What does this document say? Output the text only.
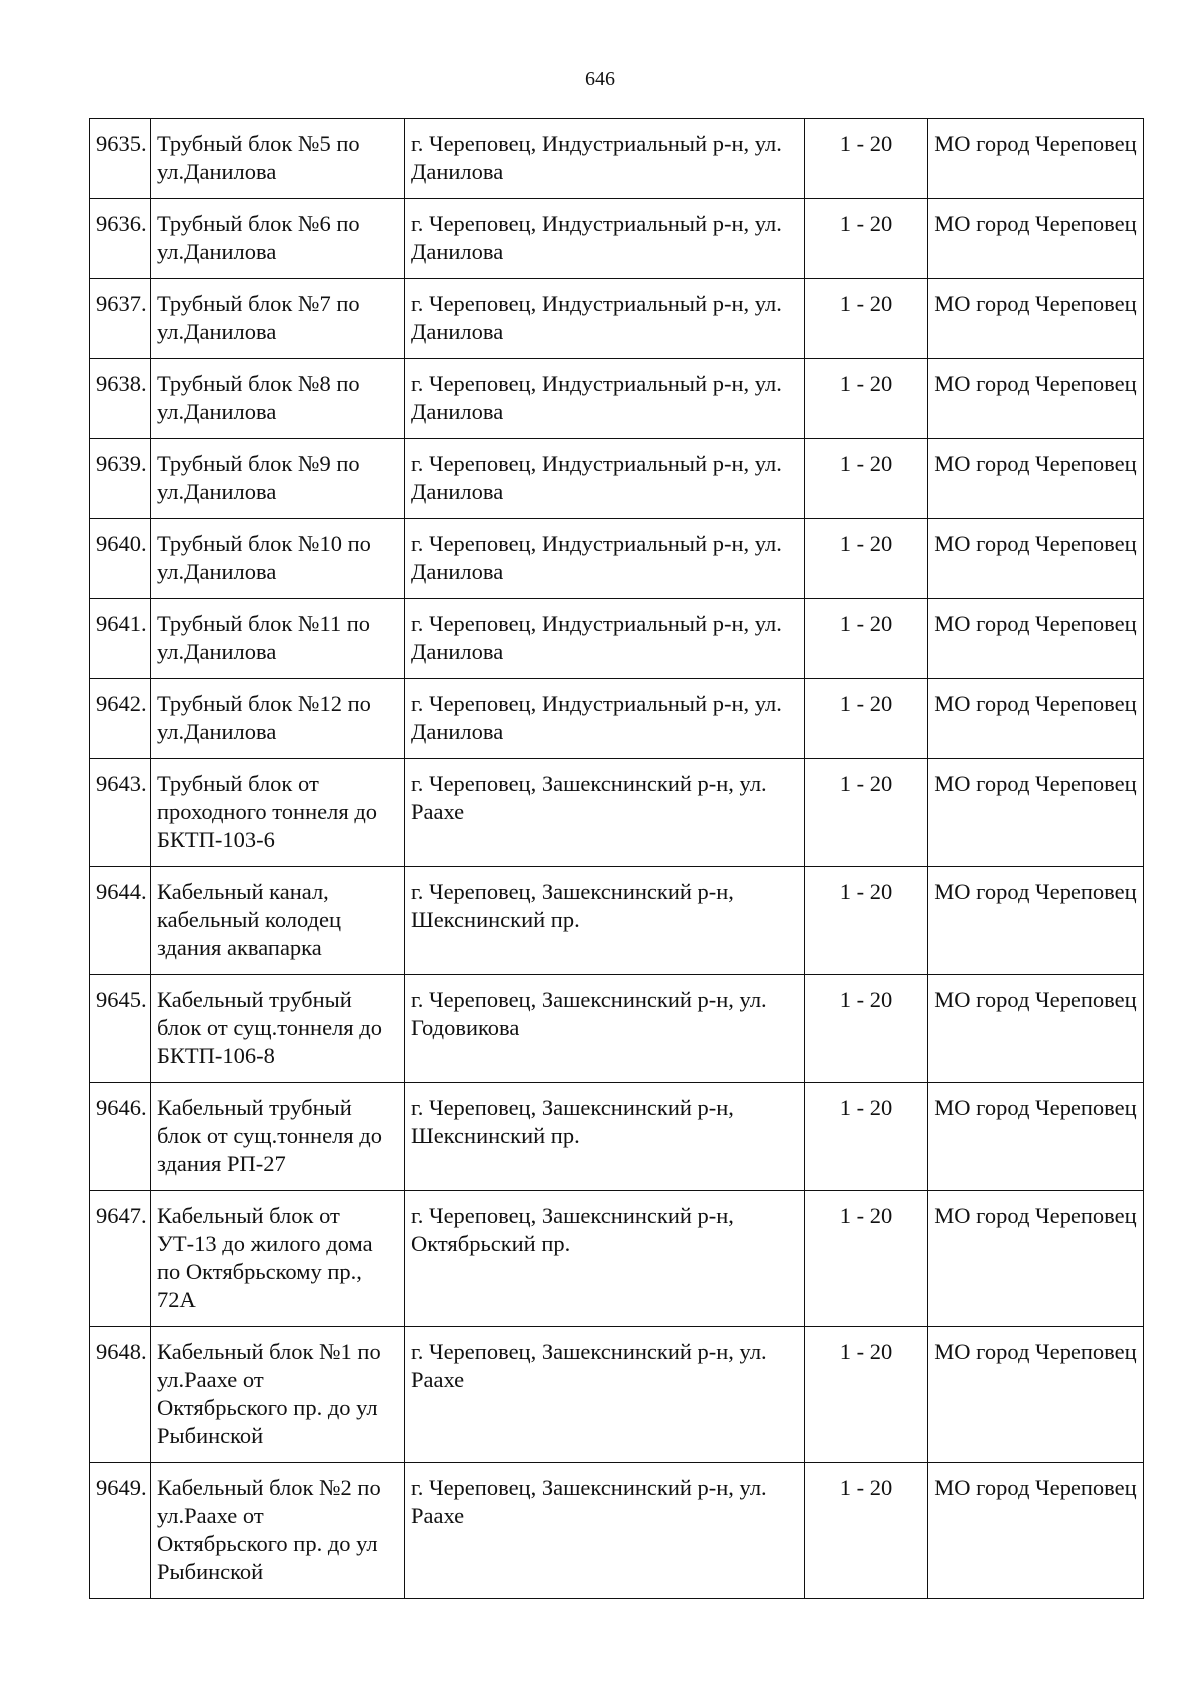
646
9635.	Трубный блок №5 по ул.Данилова	г. Череповец, Индустриальный р-н, ул. Данилова	1 - 20	МО город Череповец
9636.	Трубный блок №6 по ул.Данилова	г. Череповец, Индустриальный р-н, ул. Данилова	1 - 20	МО город Череповец
9637.	Трубный блок №7 по ул.Данилова	г. Череповец, Индустриальный р-н, ул. Данилова	1 - 20	МО город Череповец
9638.	Трубный блок №8 по ул.Данилова	г. Череповец, Индустриальный р-н, ул. Данилова	1 - 20	МО город Череповец
9639.	Трубный блок №9 по ул.Данилова	г. Череповец, Индустриальный р-н, ул. Данилова	1 - 20	МО город Череповец
9640.	Трубный блок №10 по ул.Данилова	г. Череповец, Индустриальный р-н, ул. Данилова	1 - 20	МО город Череповец
9641.	Трубный блок №11 по ул.Данилова	г. Череповец, Индустриальный р-н, ул. Данилова	1 - 20	МО город Череповец
9642.	Трубный блок №12 по ул.Данилова	г. Череповец, Индустриальный р-н, ул. Данилова	1 - 20	МО город Череповец
9643.	Трубный блок от проходного тоннеля до БКТП-103-6	г. Череповец, Зашекснинский р-н, ул. Раахе	1 - 20	МО город Череповец
9644.	Кабельный канал, кабельный колодец здания аквапарка	г. Череповец, Зашекснинский р-н, Шекснинский пр.	1 - 20	МО город Череповец
9645.	Кабельный трубный блок от сущ.тоннеля до БКТП-106-8	г. Череповец, Зашекснинский р-н, ул. Годовикова	1 - 20	МО город Череповец
9646.	Кабельный трубный блок от сущ.тоннеля до здания РП-27	г. Череповец, Зашекснинский р-н, Шекснинский пр.	1 - 20	МО город Череповец
9647.	Кабельный блок от УТ-13 до жилого дома по Октябрьскому пр., 72А	г. Череповец, Зашекснинский р-н, Октябрьский пр.	1 - 20	МО город Череповец
9648.	Кабельный блок №1 по ул.Раахе от Октябрьского пр. до ул Рыбинской	г. Череповец, Зашекснинский р-н, ул. Раахе	1 - 20	МО город Череповец
9649.	Кабельный блок №2 по ул.Раахе от Октябрьского пр. до ул Рыбинской	г. Череповец, Зашекснинский р-н, ул. Раахе	1 - 20	МО город Череповец
